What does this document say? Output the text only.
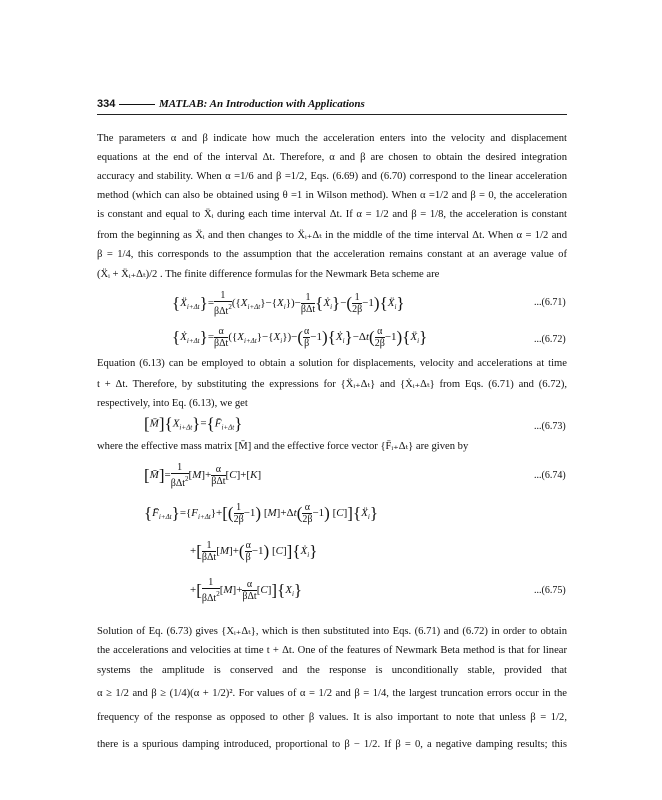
334	MATLAB: An Introduction with Applications
The parameters α and β indicate how much the acceleration enters into the velocity and displacement
equations at the end of the interval Δt. Therefore, α and β are chosen to obtain the desired integration
accuracy and stability. When α =1/6 and β =1/2, Eqs. (6.69) and (6.70) correspond to the linear acceleration
method (which can also be obtained using θ =1 in Wilson method). When α =1/2 and β = 0, the acceleration
is constant and equal to Ẍᵢ during each time interval Δt. If α = 1/2 and β = 1/8, the acceleration is constant
from the beginning as Ẍᵢ and then changes to Ẍᵢ₊Δₜ in the middle of the time interval Δt. When α = 1/2 and
β = 1/4, this corresponds to the assumption that the acceleration remains constant at an average value of
(Ẍᵢ + Ẍᵢ₊Δₜ)/2 . The finite difference formulas for the Newmark Beta scheme are
{Ẍ$_{i+\Delta t}$}= $\frac{1}{\beta\Delta t^2} (\{X_{i+\Delta t}\}-\{X_i\})- \frac{1}{\text{βΔt}}$ {Ẋ$_i$}−( $\frac{1}{2\beta}$ −1){Ẍ$_i$}	...(6.71)
{Ẋ$_{i+\Delta t}$}= $\frac{\alpha}{\text{βΔt}} (\{X_{i+\Delta t}\}-\{X_i\})-( \frac{\alpha}{\beta}$ −1){Ẋ$_i$}−Δt( $\frac{\alpha}{2\beta}$ −1){Ẍ$_i$}	...(6.72)
Equation (6.13) can be employed to obtain a solution for displacements, velocity and accelerations at time
t + Δt. Therefore, by substituting the expressions for {Ẍᵢ₊Δₜ} and {Ẋᵢ₊Δₜ} from Eqs. (6.71) and (6.72),
respectively, into Eq. (6.13), we get
$[M̄]\{X_{i+\Delta t}\}=\{F̄_{i+\Delta t}\}$	...(6.73)
where the effective mass matrix [M̄] and the effective force vector {F̄ᵢ₊Δₜ} are given by
[M̄]= $\frac{1}{\beta\Delta t^2} [M]+ \frac{\alpha}{\text{βΔt}} [C]+[K]$	...(6.74)
$\{F̄_{i+\Delta t}\}=\{F_{i+\Delta t}\}+[( \frac{1}{2\beta} -1)$ $[M]+\Delta t( \frac{\alpha}{2\beta} -1)$ [C]]{Ẍ$_i$}
+[ $\frac{1}{\text{βΔt}} [M]+( \frac{\alpha}{\beta} -1)$ [C]]{Ẋ$_i$}
+[ $\frac{1}{\beta\Delta t^2} [M]+ \frac{\alpha}{\text{βΔt}} [C]]\{X_i\}$	...(6.75)
Solution of Eq. (6.73) gives {Xᵢ₊Δₜ}, which is then substituted into Eqs. (6.71) and (6.72) in order to obtain
the accelerations and velocities at time t + Δt. One of the features of Newmark Beta method is that for linear
systems the amplitude is conserved and the response is unconditionally stable, provided that
α ≥ 1/2 and β ≥ (1/4)(α + 1/2)². For values of α = 1/2 and β = 1/4, the largest truncation errors occur in the
frequency of the response as opposed to other β values. It is also important to note that unless β = 1/2,
there is a spurious damping introduced, proportional to β − 1/2. If β = 0, a negative damping results; this
